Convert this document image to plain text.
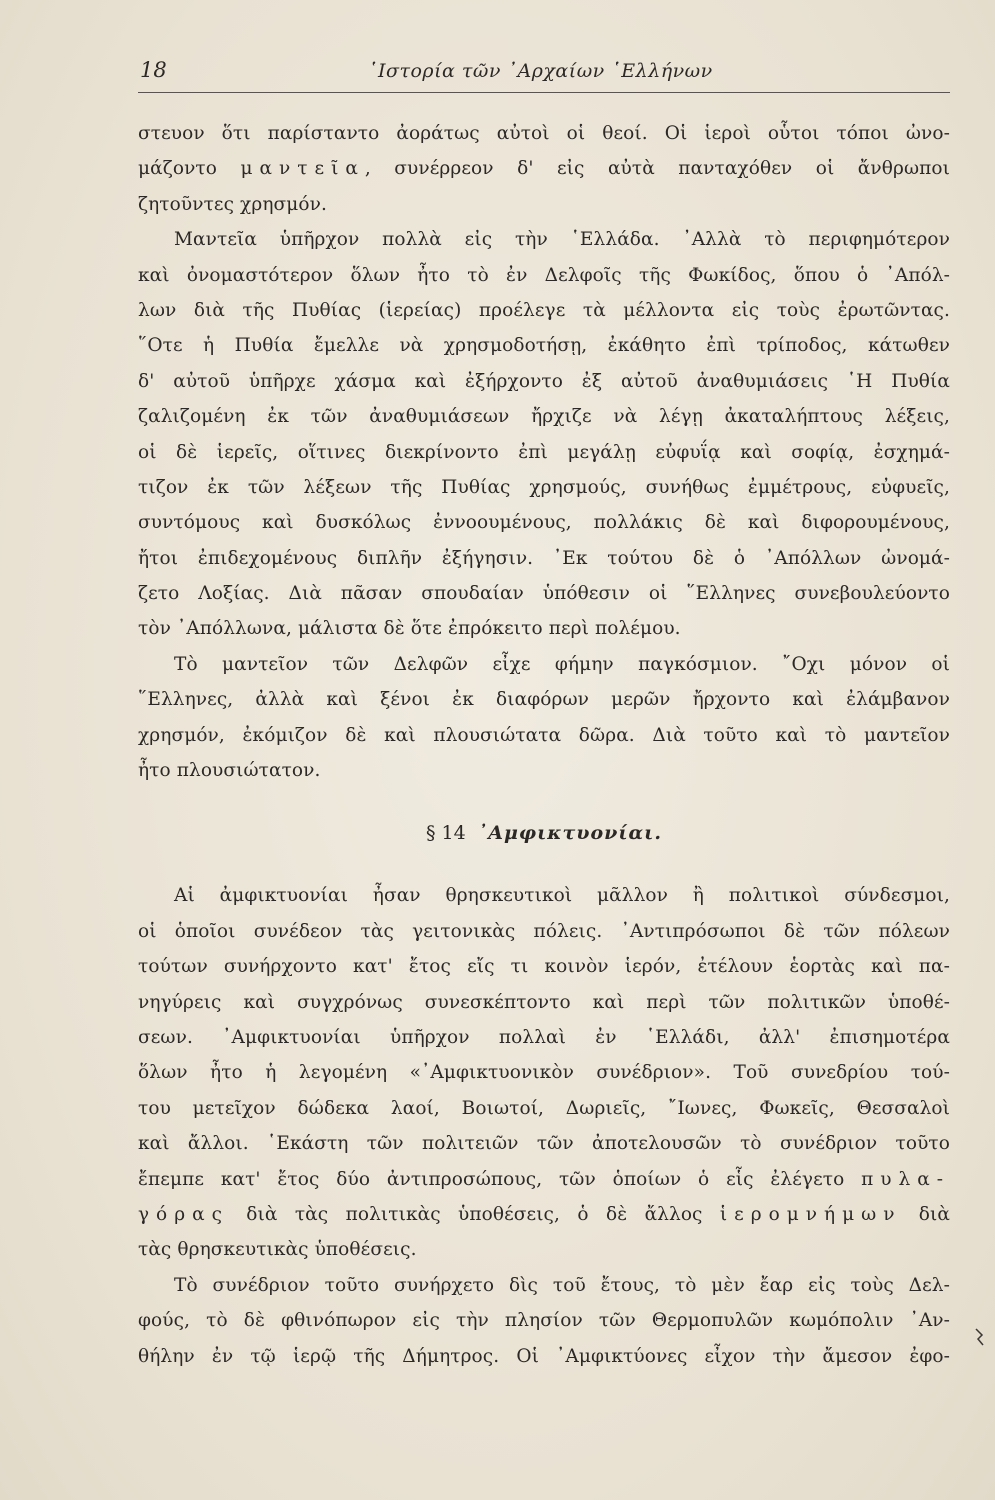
18	῾Ιστορία τῶν ᾿Αρχαίων ῾Ελλήνων
στευον ὅτι παρίσταντο ἀοράτως αὐτοὶ οἱ θεοί. Οἱ ἱεροὶ οὗτοι τόποι ὠνο-
μάζοντο μαντεῖα, συνέρρεον δ' εἰς αὐτὰ πανταχόθεν οἱ ἄνθρωποι
ζητοῦντες χρησμόν.
Μαντεῖα ὑπῆρχον πολλὰ εἰς τὴν ῾Ελλάδα. ᾿Αλλὰ τὸ περιφημότερον
καὶ ὀνομαστότερον ὅλων ἦτο τὸ ἐν Δελφοῖς τῆς Φωκίδος, ὅπου ὁ ᾿Απόλ-
λων διὰ τῆς Πυθίας (ἱερείας) προέλεγε τὰ μέλλοντα εἰς τοὺς ἐρωτῶντας.
῞Οτε ἡ Πυθία ἔμελλε νὰ χρησμοδοτήσῃ, ἐκάθητο ἐπὶ τρίποδος, κάτωθεν
δ' αὐτοῦ ὑπῆρχε χάσμα καὶ ἐξήρχοντο ἐξ αὐτοῦ ἀναθυμιάσεις ῾Η Πυθία
ζαλιζομένη ἐκ τῶν ἀναθυμιάσεων ἤρχιζε νὰ λέγῃ ἀκαταλήπτους λέξεις,
οἱ δὲ ἱερεῖς, οἵτινες διεκρίνοντο ἐπὶ μεγάλῃ εὐφυΐᾳ καὶ σοφίᾳ, ἐσχημά-
τιζον ἐκ τῶν λέξεων τῆς Πυθίας χρησμούς, συνήθως ἐμμέτρους, εὐφυεῖς,
συντόμους καὶ δυσκόλως ἐννοουμένους, πολλάκις δὲ καὶ διφορουμένους,
ἤτοι ἐπιδεχομένους διπλῆν ἐξήγησιν. ᾿Εκ τούτου δὲ ὁ ᾿Απόλλων ὠνομά-
ζετο Λοξίας. Διὰ πᾶσαν σπουδαίαν ὑπόθεσιν οἱ ῞Ελληνες συνεβουλεύοντο
τὸν ᾿Απόλλωνα, μάλιστα δὲ ὅτε ἐπρόκειτο περὶ πολέμου.
Τὸ μαντεῖον τῶν Δελφῶν εἶχε φήμην παγκόσμιον. ῎Οχι μόνον οἱ
῞Ελληνες, ἀλλὰ καὶ ξένοι ἐκ διαφόρων μερῶν ἤρχοντο καὶ ἐλάμβανον
χρησμόν, ἐκόμιζον δὲ καὶ πλουσιώτατα δῶρα. Διὰ τοῦτο καὶ τὸ μαντεῖον
ἦτο πλουσιώτατον.
§ 14 ᾿Αμφικτυονίαι.
Αἱ ἀμφικτυονίαι ἦσαν θρησκευτικοὶ μᾶλλον ἢ πολιτικοὶ σύνδεσμοι,
οἱ ὁποῖοι συνέδεον τὰς γειτονικὰς πόλεις. ᾿Αντιπρόσωποι δὲ τῶν πόλεων
τούτων συνήρχοντο κατ' ἔτος εἴς τι κοινὸν ἱερόν, ἐτέλουν ἑορτὰς καὶ πα-
νηγύρεις καὶ συγχρόνως συνεσκέπτοντο καὶ περὶ τῶν πολιτικῶν ὑποθέ-
σεων. ᾿Αμφικτυονίαι ὑπῆρχον πολλαὶ ἐν ῾Ελλάδι, ἀλλ' ἐπισημοτέρα
ὅλων ἦτο ἡ λεγομένη «᾿Αμφικτυονικὸν συνέδριον». Τοῦ συνεδρίου τού-
του μετεῖχον δώδεκα λαοί, Βοιωτοί, Δωριεῖς, ῎Ιωνες, Φωκεῖς, Θεσσαλοὶ
καὶ ἄλλοι. ῾Εκάστη τῶν πολιτειῶν τῶν ἀποτελουσῶν τὸ συνέδριον τοῦτο
ἔπεμπε κατ' ἔτος δύο ἀντιπροσώπους, τῶν ὁποίων ὁ εἷς ἐλέγετο πυλα-
γόρας διὰ τὰς πολιτικὰς ὑποθέσεις, ὁ δὲ ἄλλος ἱερομνήμων διὰ
τὰς θρησκευτικὰς ὑποθέσεις.
Τὸ συνέδριον τοῦτο συνήρχετο δὶς τοῦ ἔτους, τὸ μὲν ἔαρ εἰς τοὺς Δελ-
φούς, τὸ δὲ φθινόπωρον εἰς τὴν πλησίον τῶν Θερμοπυλῶν κωμόπολιν ᾿Αν-
θήλην ἐν τῷ ἱερῷ τῆς Δήμητρος. Οἱ ᾿Αμφικτύονες εἶχον τὴν ἄμεσον ἐφο-
